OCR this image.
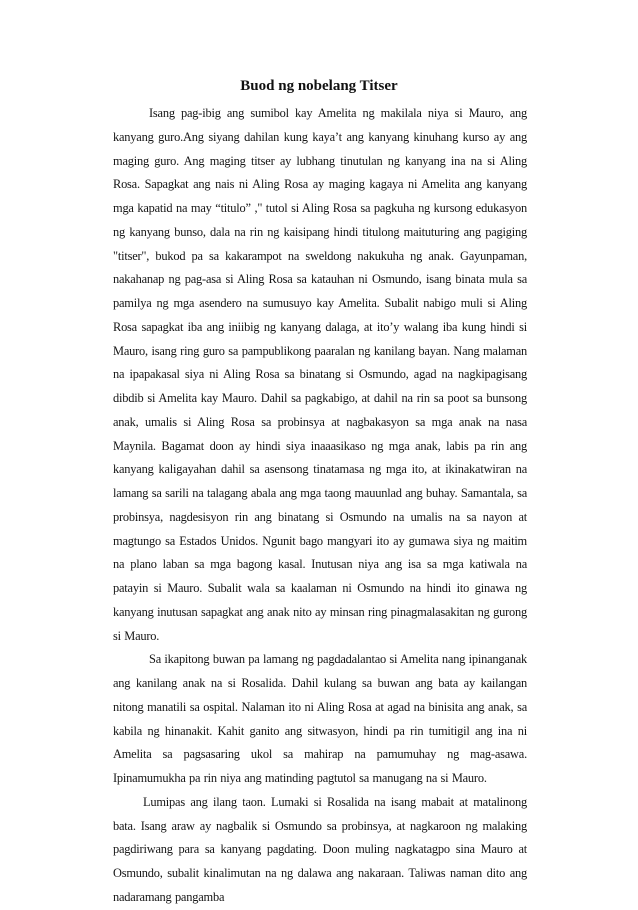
Buod ng nobelang Titser

Isang pag-ibig ang sumibol kay Amelita ng makilala niya si Mauro, ang kanyang guro.Ang siyang dahilan kung kaya’t ang kanyang kinuhang kurso ay ang maging guro. Ang maging titser ay lubhang tinutulan ng kanyang ina na si Aling Rosa. Sapagkat ang nais ni Aling Rosa ay maging kagaya ni Amelita ang kanyang mga kapatid na may “titulo” ," tutol si Aling Rosa sa pagkuha ng kursong edukasyon ng kanyang bunso, dala na rin ng kaisipang hindi titulong maituturing ang pagiging "titser", bukod pa sa kakarampot na sweldong nakukuha ng anak. Gayunpaman, nakahanap ng pag-asa si Aling Rosa sa katauhan ni Osmundo, isang binata mula sa pamilya ng mga asendero na sumusuyo kay Amelita. Subalit nabigo muli si Aling Rosa sapagkat iba ang iniibig ng kanyang dalaga, at ito’y walang iba kung hindi si Mauro, isang ring guro sa pampublikong paaralan ng kanilang bayan. Nang malaman na ipapakasal siya ni Aling Rosa sa binatang si Osmundo, agad na nagkipagisang dibdib si Amelita kay Mauro. Dahil sa pagkabigo, at dahil na rin sa poot sa bunsong anak, umalis si Aling Rosa sa probinsya at nagbakasyon sa mga anak na nasa Maynila. Bagamat doon ay hindi siya inaaasikaso ng mga anak, labis pa rin ang kanyang kaligayahan dahil sa asensong tinatamasa ng mga ito, at ikinakatwiran na lamang sa sarili na talagang abala ang mga taong mauunlad ang buhay. Samantala, sa probinsya, nagdesisyon rin ang binatang si Osmundo na umalis na sa nayon at magtungo sa Estados Unidos. Ngunit bago mangyari ito ay gumawa siya ng maitim na plano laban sa mga bagong kasal. Inutusan niya ang isa sa mga katiwala na patayin si Mauro. Subalit wala sa kaalaman ni Osmundo na hindi ito ginawa ng kanyang inutusan sapagkat ang anak nito ay minsan ring pinagmalasakitan ng gurong si Mauro.

Sa ikapitong buwan pa lamang ng pagdadalantao si Amelita nang ipinanganak ang kanilang anak na si Rosalida. Dahil kulang sa buwan ang bata ay kailangan nitong manatili sa ospital. Nalaman ito ni Aling Rosa at agad na binisita ang anak, sa kabila ng hinanakit. Kahit ganito ang sitwasyon, hindi pa rin tumitigil ang ina ni Amelita sa pagsasaring ukol sa mahirap na pamumuhay ng mag-asawa. Ipinamumukha pa rin niya ang matinding pagtutol sa manugang na si Mauro.

Lumipas ang ilang taon. Lumaki si Rosalida na isang mabait at matalinong bata. Isang araw ay nagbalik si Osmundo sa probinsya, at nagkaroon ng malaking pagdiriwang para sa kanyang pagdating. Doon muling nagkatagpo sina Mauro at Osmundo, subalit kinalimutan na ng dalawa ang nakaraan. Taliwas naman dito ang nadaramang pangamba
